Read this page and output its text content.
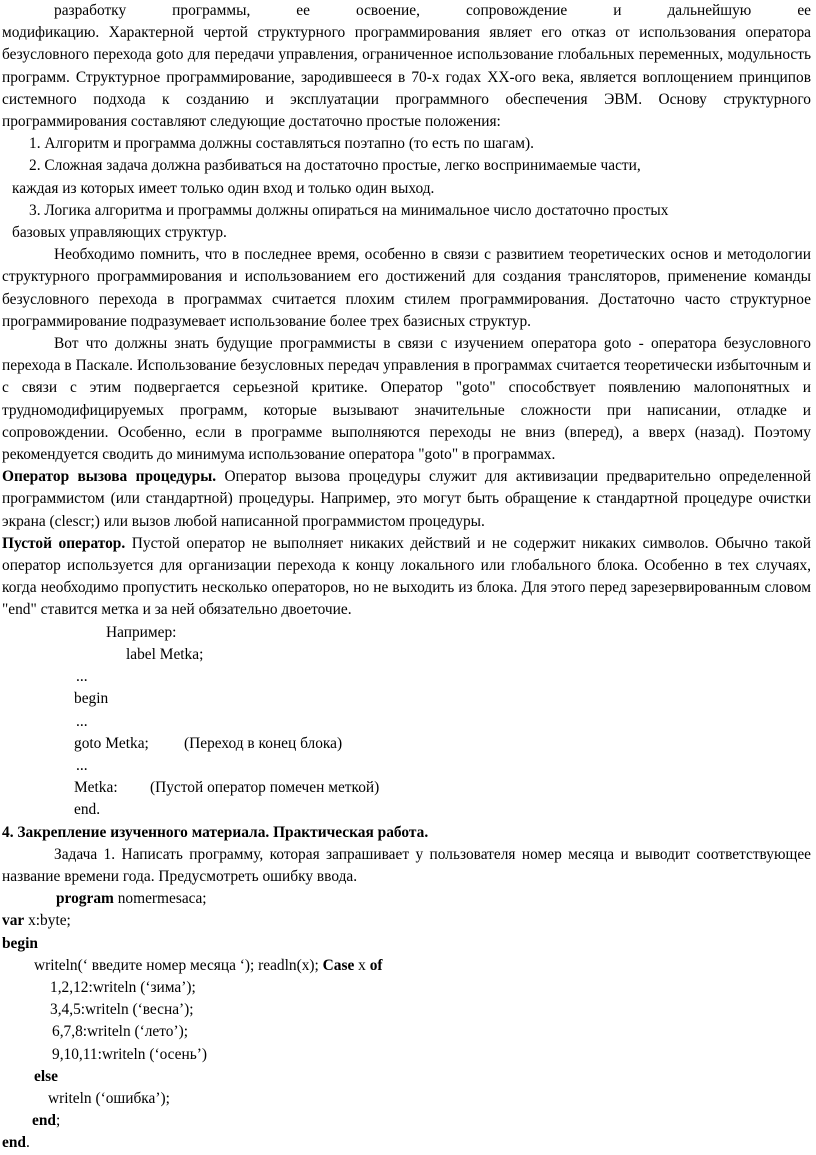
разработку программы, ее освоение, сопровождение и дальнейшую ее

модификацию. Характерной чертой структурного программирования являет его отказ от использования оператора безусловного перехода goto для передачи управления, ограниченное использование глобальных переменных, модульность программ. Структурное программирование, зародившееся в 70-х годах XX-ого века, является воплощением принципов системного подхода к созданию и эксплуатации программного обеспечения ЭВМ. Основу структурного программирования составляют следующие достаточно простые положения:

1. Алгоритм и программа должны составляться поэтапно (то есть по шагам).

2. Сложная задача должна разбиваться на достаточно простые, легко воспринимаемые части,

каждая из которых имеет только один вход и только один выход.

3. Логика алгоритма и программы должны опираться на минимальное число достаточно простых

базовых управляющих структур.

Необходимо помнить, что в последнее время, особенно в связи с развитием теоретических основ и методологии структурного программирования и использованием его достижений для создания трансляторов, применение команды безусловного перехода в программах считается плохим стилем программирования. Достаточно часто структурное программирование подразумевает использование более трех базисных структур.

Вот что должны знать будущие программисты в связи с изучением оператора goto - оператора безусловного перехода в Паскале. Использование безусловных передач управления в программах считается теоретически избыточным и с связи с этим подвергается серьезной критике. Оператор "goto" способствует появлению малопонятных и трудномодифицируемых программ, которые вызывают значительные сложности при написании, отладке и сопровождении. Особенно, если в программе выполняются переходы не вниз (вперед), а вверх (назад). Поэтому рекомендуется сводить до минимума использование оператора "goto" в программах.

Оператор вызова процедуры. Оператор вызова процедуры служит для активизации предварительно определенной программистом (или стандартной) процедуры. Например, это могут быть обращение к стандартной процедуре очистки экрана (clescr;) или вызов любой написанной программистом процедуры.

Пустой оператор. Пустой оператор не выполняет никаких действий и не содержит никаких символов. Обычно такой оператор используется для организации перехода к концу локального или глобального блока. Особенно в тех случаях, когда необходимо пропустить несколько операторов, но не выходить из блока. Для этого перед зарезервированным словом "end" ставится метка и за ней обязательно двоеточие.

Например:

label Metka;

...

begin

...

goto Metka; (Переход в конец блока)

...

Metka: (Пустой оператор помечен меткой)

end.

4. Закрепление изученного материала. Практическая работа.

Задача 1. Написать программу, которая запрашивает у пользователя номер месяца и выводит соответствующее название времени года. Предусмотреть ошибку ввода.

program nomermesaca;

var x:byte;

begin

writeln(‘ введите номер месяца ‘); readln(x); Case x of

1,2,12:writeln (‘зима’);

3,4,5:writeln (‘весна’);

6,7,8:writeln (‘лето’);

9,10,11:writeln (‘осень’)

else

writeln (‘ошибка’);

end;

end.
